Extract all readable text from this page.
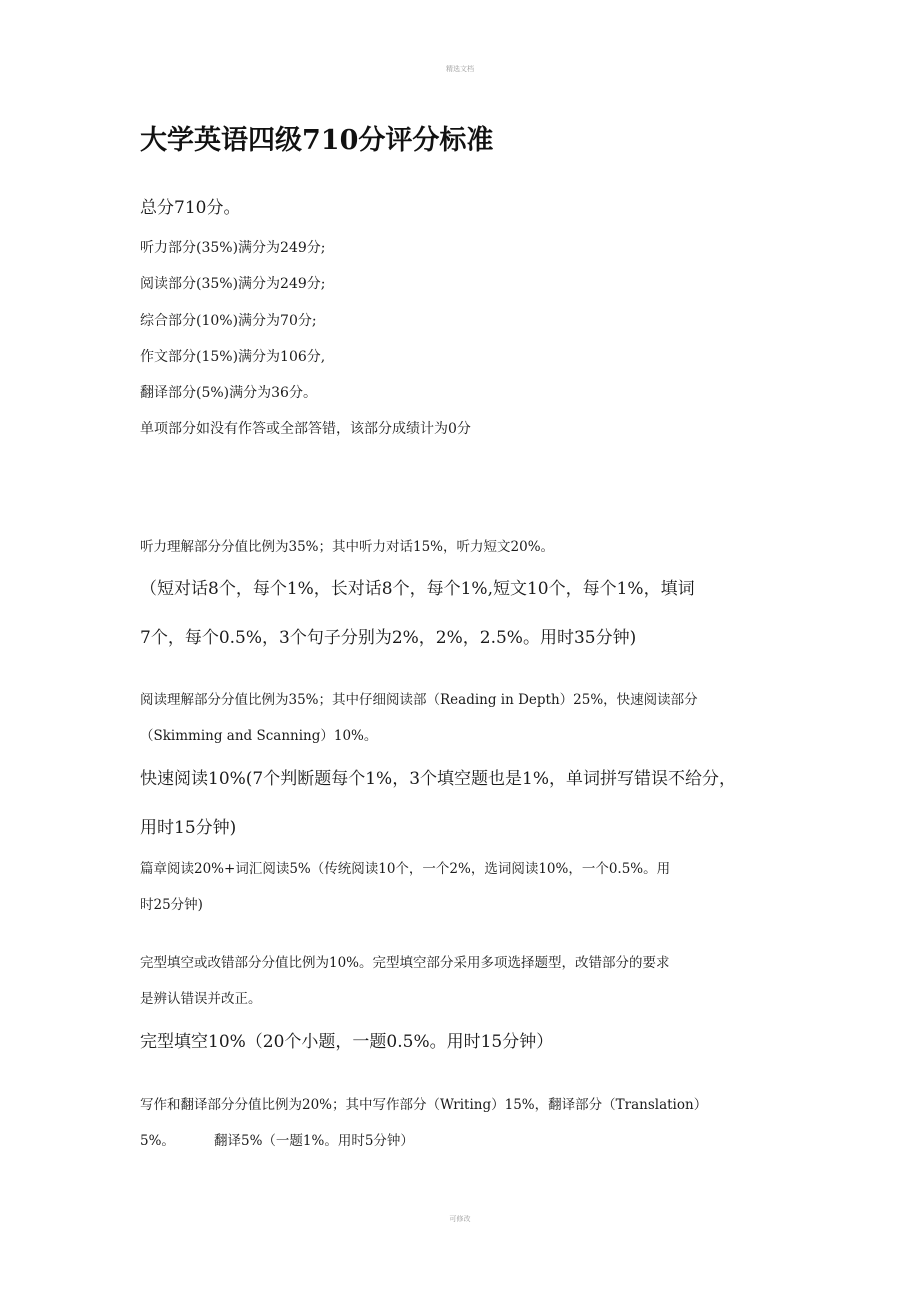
精选文档
大学英语四级710分评分标准

总分710分。

听力部分(35%)满分为249分;

阅读部分(35%)满分为249分;

综合部分(10%)满分为70分;

作文部分(15%)满分为106分,

翻译部分(5%)满分为36分。

单项部分如没有作答或全部答错，该部分成绩计为0分

听力理解部分分值比例为35%；其中听力对话15%，听力短文20%。

（短对话8个，每个1%，长对话8个，每个1%,短文10个，每个1%，填词

7个，每个0.5%，3个句子分别为2%，2%，2.5%。用时35分钟)

阅读理解部分分值比例为35%；其中仔细阅读部（Reading in Depth）25%，快速阅读部分

（Skimming and Scanning）10%。

快速阅读10%(7个判断题每个1%，3个填空题也是1%，单词拼写错误不给分，

用时15分钟)

篇章阅读20%+词汇阅读5%（传统阅读10个，一个2%，选词阅读10%，一个0.5%。用

时25分钟)

完型填空或改错部分分值比例为10%。完型填空部分采用多项选择题型，改错部分的要求

是辨认错误并改正。

完型填空10%（20个小题，一题0.5%。用时15分钟）

写作和翻译部分分值比例为20%；其中写作部分（Writing）15%，翻译部分（Translation）

5%。	翻译5%（一题1%。用时5分钟）

可修改
